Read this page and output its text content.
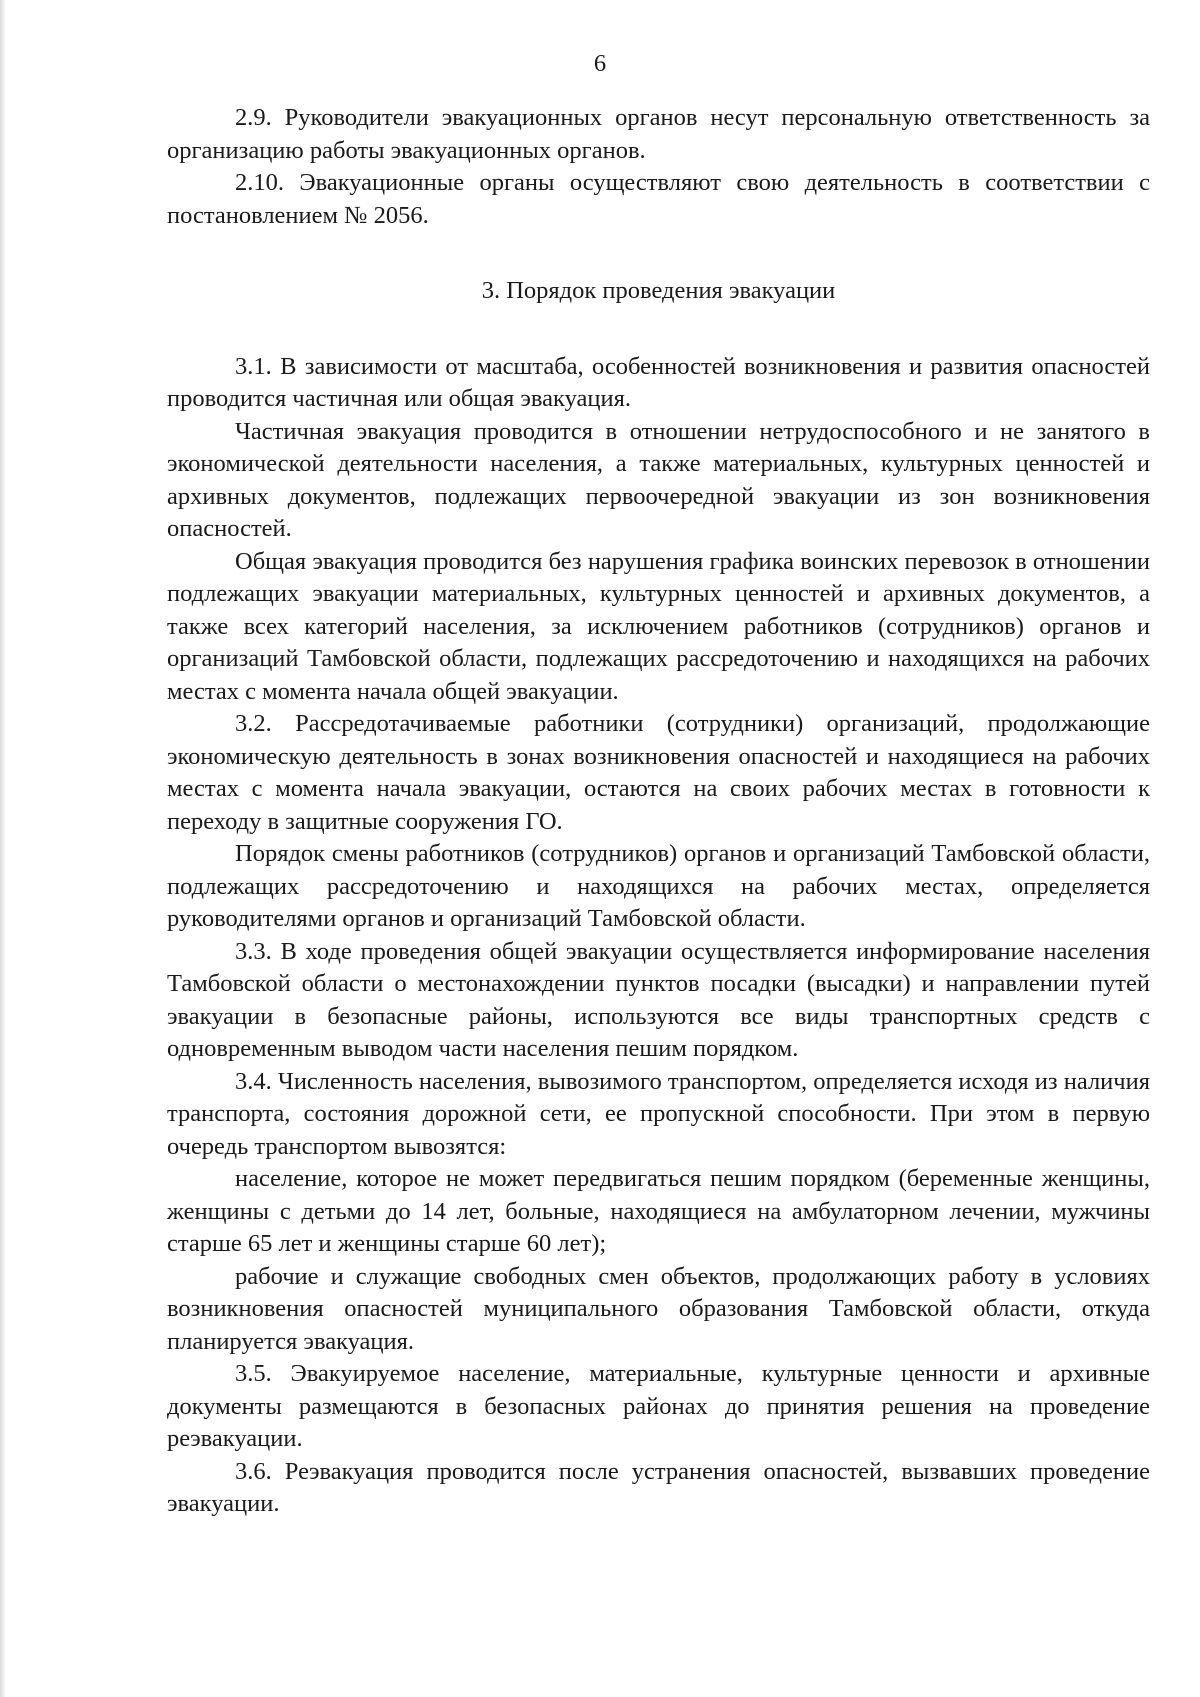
6

2.9. Руководители эвакуационных органов несут персональную ответственность за организацию работы эвакуационных органов.

2.10. Эвакуационные органы осуществляют свою деятельность в соответствии с постановлением № 2056.

3. Порядок проведения эвакуации

3.1. В зависимости от масштаба, особенностей возникновения и развития опасностей проводится частичная или общая эвакуация.

Частичная эвакуация проводится в отношении нетрудоспособного и не занятого в экономической деятельности населения, а также материальных, культурных ценностей и архивных документов, подлежащих первоочередной эвакуации из зон возникновения опасностей.

Общая эвакуация проводится без нарушения графика воинских перевозок в отношении подлежащих эвакуации материальных, культурных ценностей и архивных документов, а также всех категорий населения, за исключением работников (сотрудников) органов и организаций Тамбовской области, подлежащих рассредоточению и находящихся на рабочих местах с момента начала общей эвакуации.

3.2. Рассредотачиваемые работники (сотрудники) организаций, продолжающие экономическую деятельность в зонах возникновения опасностей и находящиеся на рабочих местах с момента начала эвакуации, остаются на своих рабочих местах в готовности к переходу в защитные сооружения ГО.

Порядок смены работников (сотрудников) органов и организаций Тамбовской области, подлежащих рассредоточению и находящихся на рабочих местах, определяется руководителями органов и организаций Тамбовской области.

3.3. В ходе проведения общей эвакуации осуществляется информирование населения Тамбовской области о местонахождении пунктов посадки (высадки) и направлении путей эвакуации в безопасные районы, используются все виды транспортных средств с одновременным выводом части населения пешим порядком.

3.4. Численность населения, вывозимого транспортом, определяется исходя из наличия транспорта, состояния дорожной сети, ее пропускной способности. При этом в первую очередь транспортом вывозятся:

население, которое не может передвигаться пешим порядком (беременные женщины, женщины с детьми до 14 лет, больные, находящиеся на амбулаторном лечении, мужчины старше 65 лет и женщины старше 60 лет);

рабочие и служащие свободных смен объектов, продолжающих работу в условиях возникновения опасностей муниципального образования Тамбовской области, откуда планируется эвакуация.

3.5. Эвакуируемое население, материальные, культурные ценности и архивные документы размещаются в безопасных районах до принятия решения на проведение реэвакуации.

3.6. Реэвакуация проводится после устранения опасностей, вызвавших проведение эвакуации.
